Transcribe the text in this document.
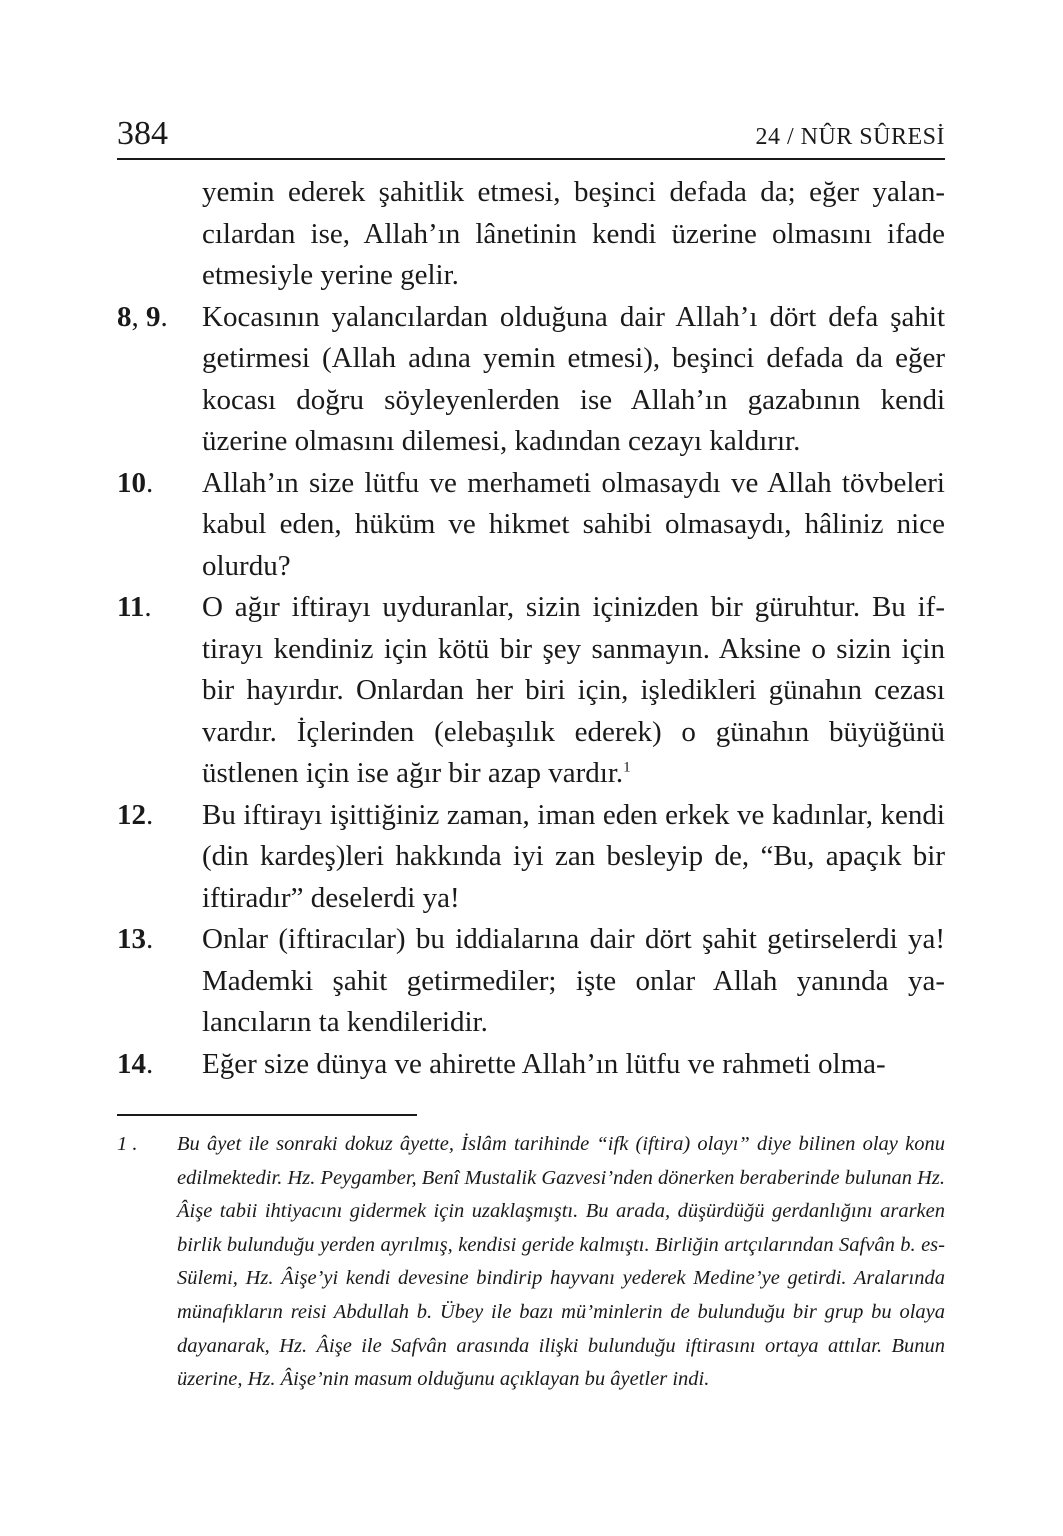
384	24 / NÛR SÛRESİ
yemin ederek şahitlik etmesi, beşinci defada da; eğer yalancılardan ise, Allah’ın lânetinin kendi üzerine olmasını ifade etmesiyle yerine gelir.
8, 9. Kocasının yalancılardan olduğuna dair Allah’ı dört defa şahit getirmesi (Allah adına yemin etmesi), beşinci defada da eğer kocası doğru söyleyenlerden ise Allah’ın gazabının kendi üzerine olmasını dilemesi, kadından cezayı kaldırır.
10. Allah’ın size lütfu ve merhameti olmasaydı ve Allah tövbeleri kabul eden, hüküm ve hikmet sahibi olmasaydı, hâliniz nice olurdu?
11. O ağır iftirayı uyduranlar, sizin içinizden bir güruhtur. Bu iftirayı kendiniz için kötü bir şey sanmayın. Aksine o sizin için bir hayırdır. Onlardan her biri için, işledikleri günahın cezası vardır. İçlerinden (elebaşılık ederek) o günahın büyüğünü üstlenen için ise ağır bir azap vardır.$^1$
12. Bu iftirayı işittiğiniz zaman, iman eden erkek ve kadınlar, kendi (din kardeş)leri hakkında iyi zan besleyip de, “Bu, apaçık bir iftiradır” deselerdi ya!
13. Onlar (iftiracılar) bu iddialarına dair dört şahit getirselerdi ya! Mademki şahit getirmediler; işte onlar Allah yanında yalancıların ta kendileridir.
14. Eğer size dünya ve ahirette Allah’ın lütfu ve rahmeti olma-
1 . Bu âyet ile sonraki dokuz âyette, İslâm tarihinde “ifk (iftira) olayı” diye bilinen olay konu edilmektedir. Hz. Peygamber, Benî Mustalik Gazvesi’nden dönerken beraberinde bulunan Hz. Âişe tabii ihtiyacını gidermek için uzaklaşmıştı. Bu arada, düşürdüğü gerdanlığını ararken birlik bulunduğu yerden ayrılmış, kendisi geride kalmıştı. Birliğin artçılarından Safvân b. es-Sülemi, Hz. Âişe’yi kendi devesine bindirip hayvanı yederek Medine’ye getirdi. Aralarında münafıkların reisi Abdullah b. Übey ile bazı mü’minlerin de bulunduğu bir grup bu olaya dayanarak, Hz. Âişe ile Safvân arasında ilişki bulunduğu iftirasını ortaya attılar. Bunun üzerine, Hz. Âişe’nin masum olduğunu açıklayan bu âyetler indi.
